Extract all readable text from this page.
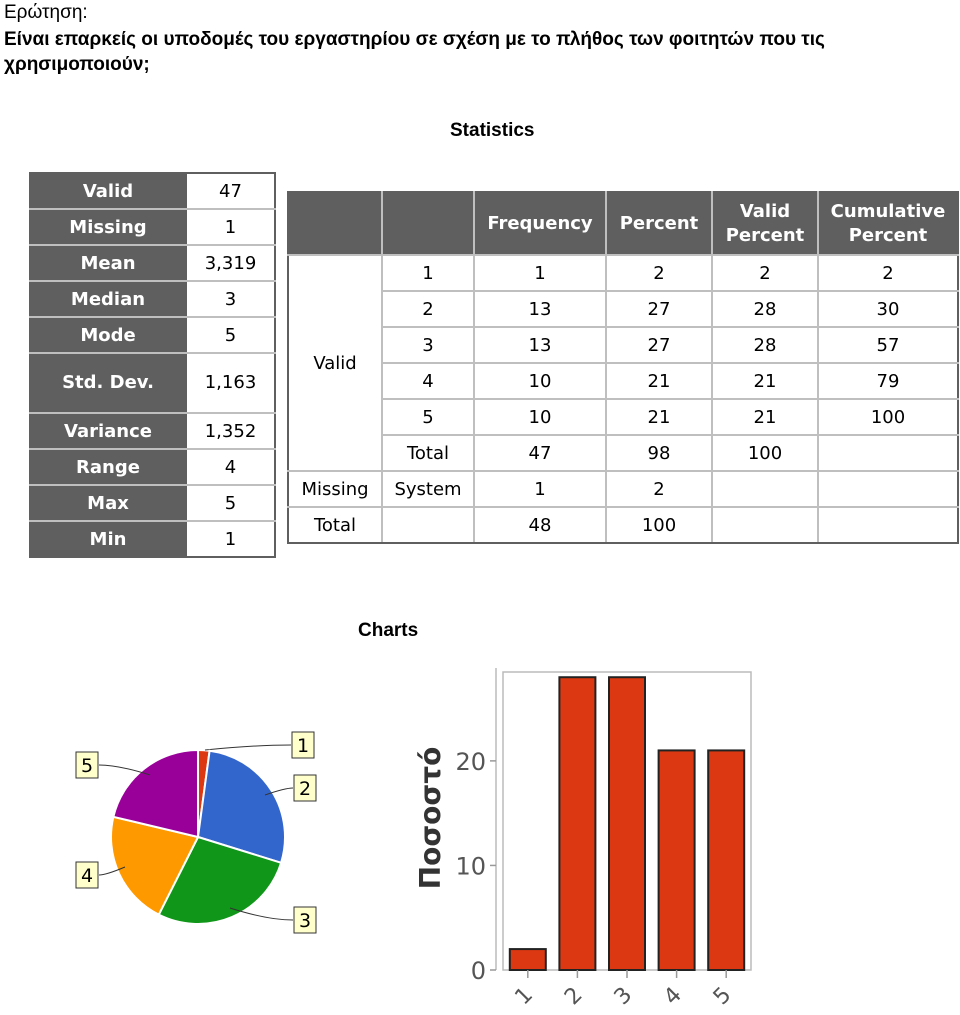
Ερώτηση:
Είναι επαρκείς οι υποδομές του εργαστηρίου σε σχέση με το πλήθος των φοιτητών που τις χρησιμοποιούν;
Statistics
Valid	47
Missing	1
Mean	3,319
Median	3
Mode	5
Std. Dev.	1,163
Variance	1,352
Range	4
Max	5
Min	1
		Frequency	Percent	Valid Percent	Cumulative Percent
Valid	1	1	2	2	2
	2	13	27	28	30
	3	13	27	28	57
	4	10	21	21	79
	5	10	21	21	100
	Total	47	98	100	
Missing	System	1	2		
Total		48	100		
Charts
1
2
3
4
5
0
10
20
Ποσοστό
1 2 3 4 5
